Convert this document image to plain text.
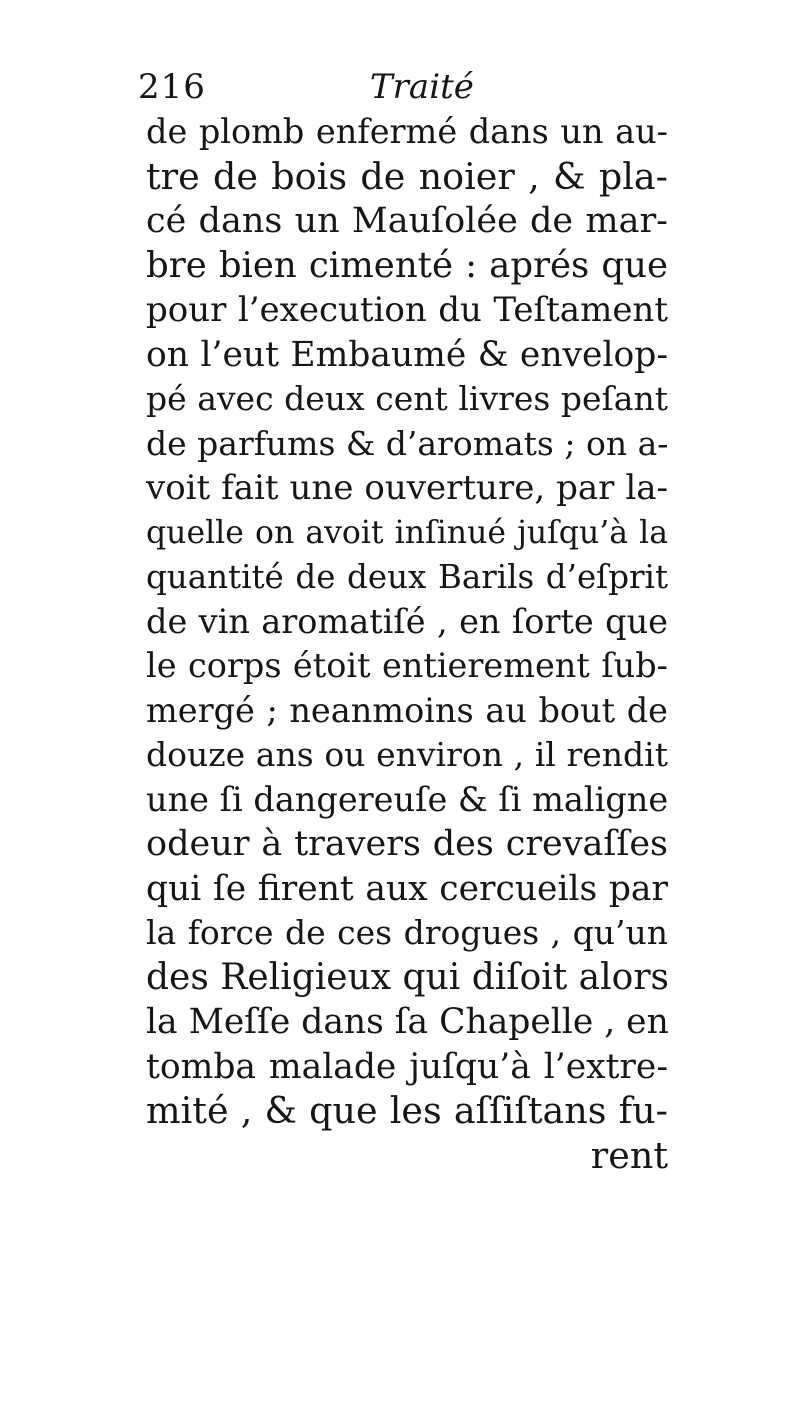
216	Traité
de plomb enfermé dans un au-
tre de bois de noier , & pla-
cé dans un Mauſolée de mar-
bre bien cimenté : aprés que
pour l’execution du Teſtament
on l’eut Embaumé & envelop-
pé avec deux cent livres peſant
de parfums & d’aromats ; on a-
voit fait une ouverture, par la-
quelle on avoit inſinué juſqu’à la
quantité de deux Barils d’eſprit
de vin aromatiſé , en ſorte que
le corps étoit entierement ſub-
mergé ; neanmoins au bout de
douze ans ou environ , il rendit
une ſi dangereuſe & ſi maligne
odeur à travers des crevaſſes
qui ſe firent aux cercueils par
la force de ces drogues , qu’un
des Religieux qui diſoit alors
la Meſſe dans ſa Chapelle , en
tomba malade juſqu’à l’extre-
mité , & que les aſſiſtans fu-
rent
